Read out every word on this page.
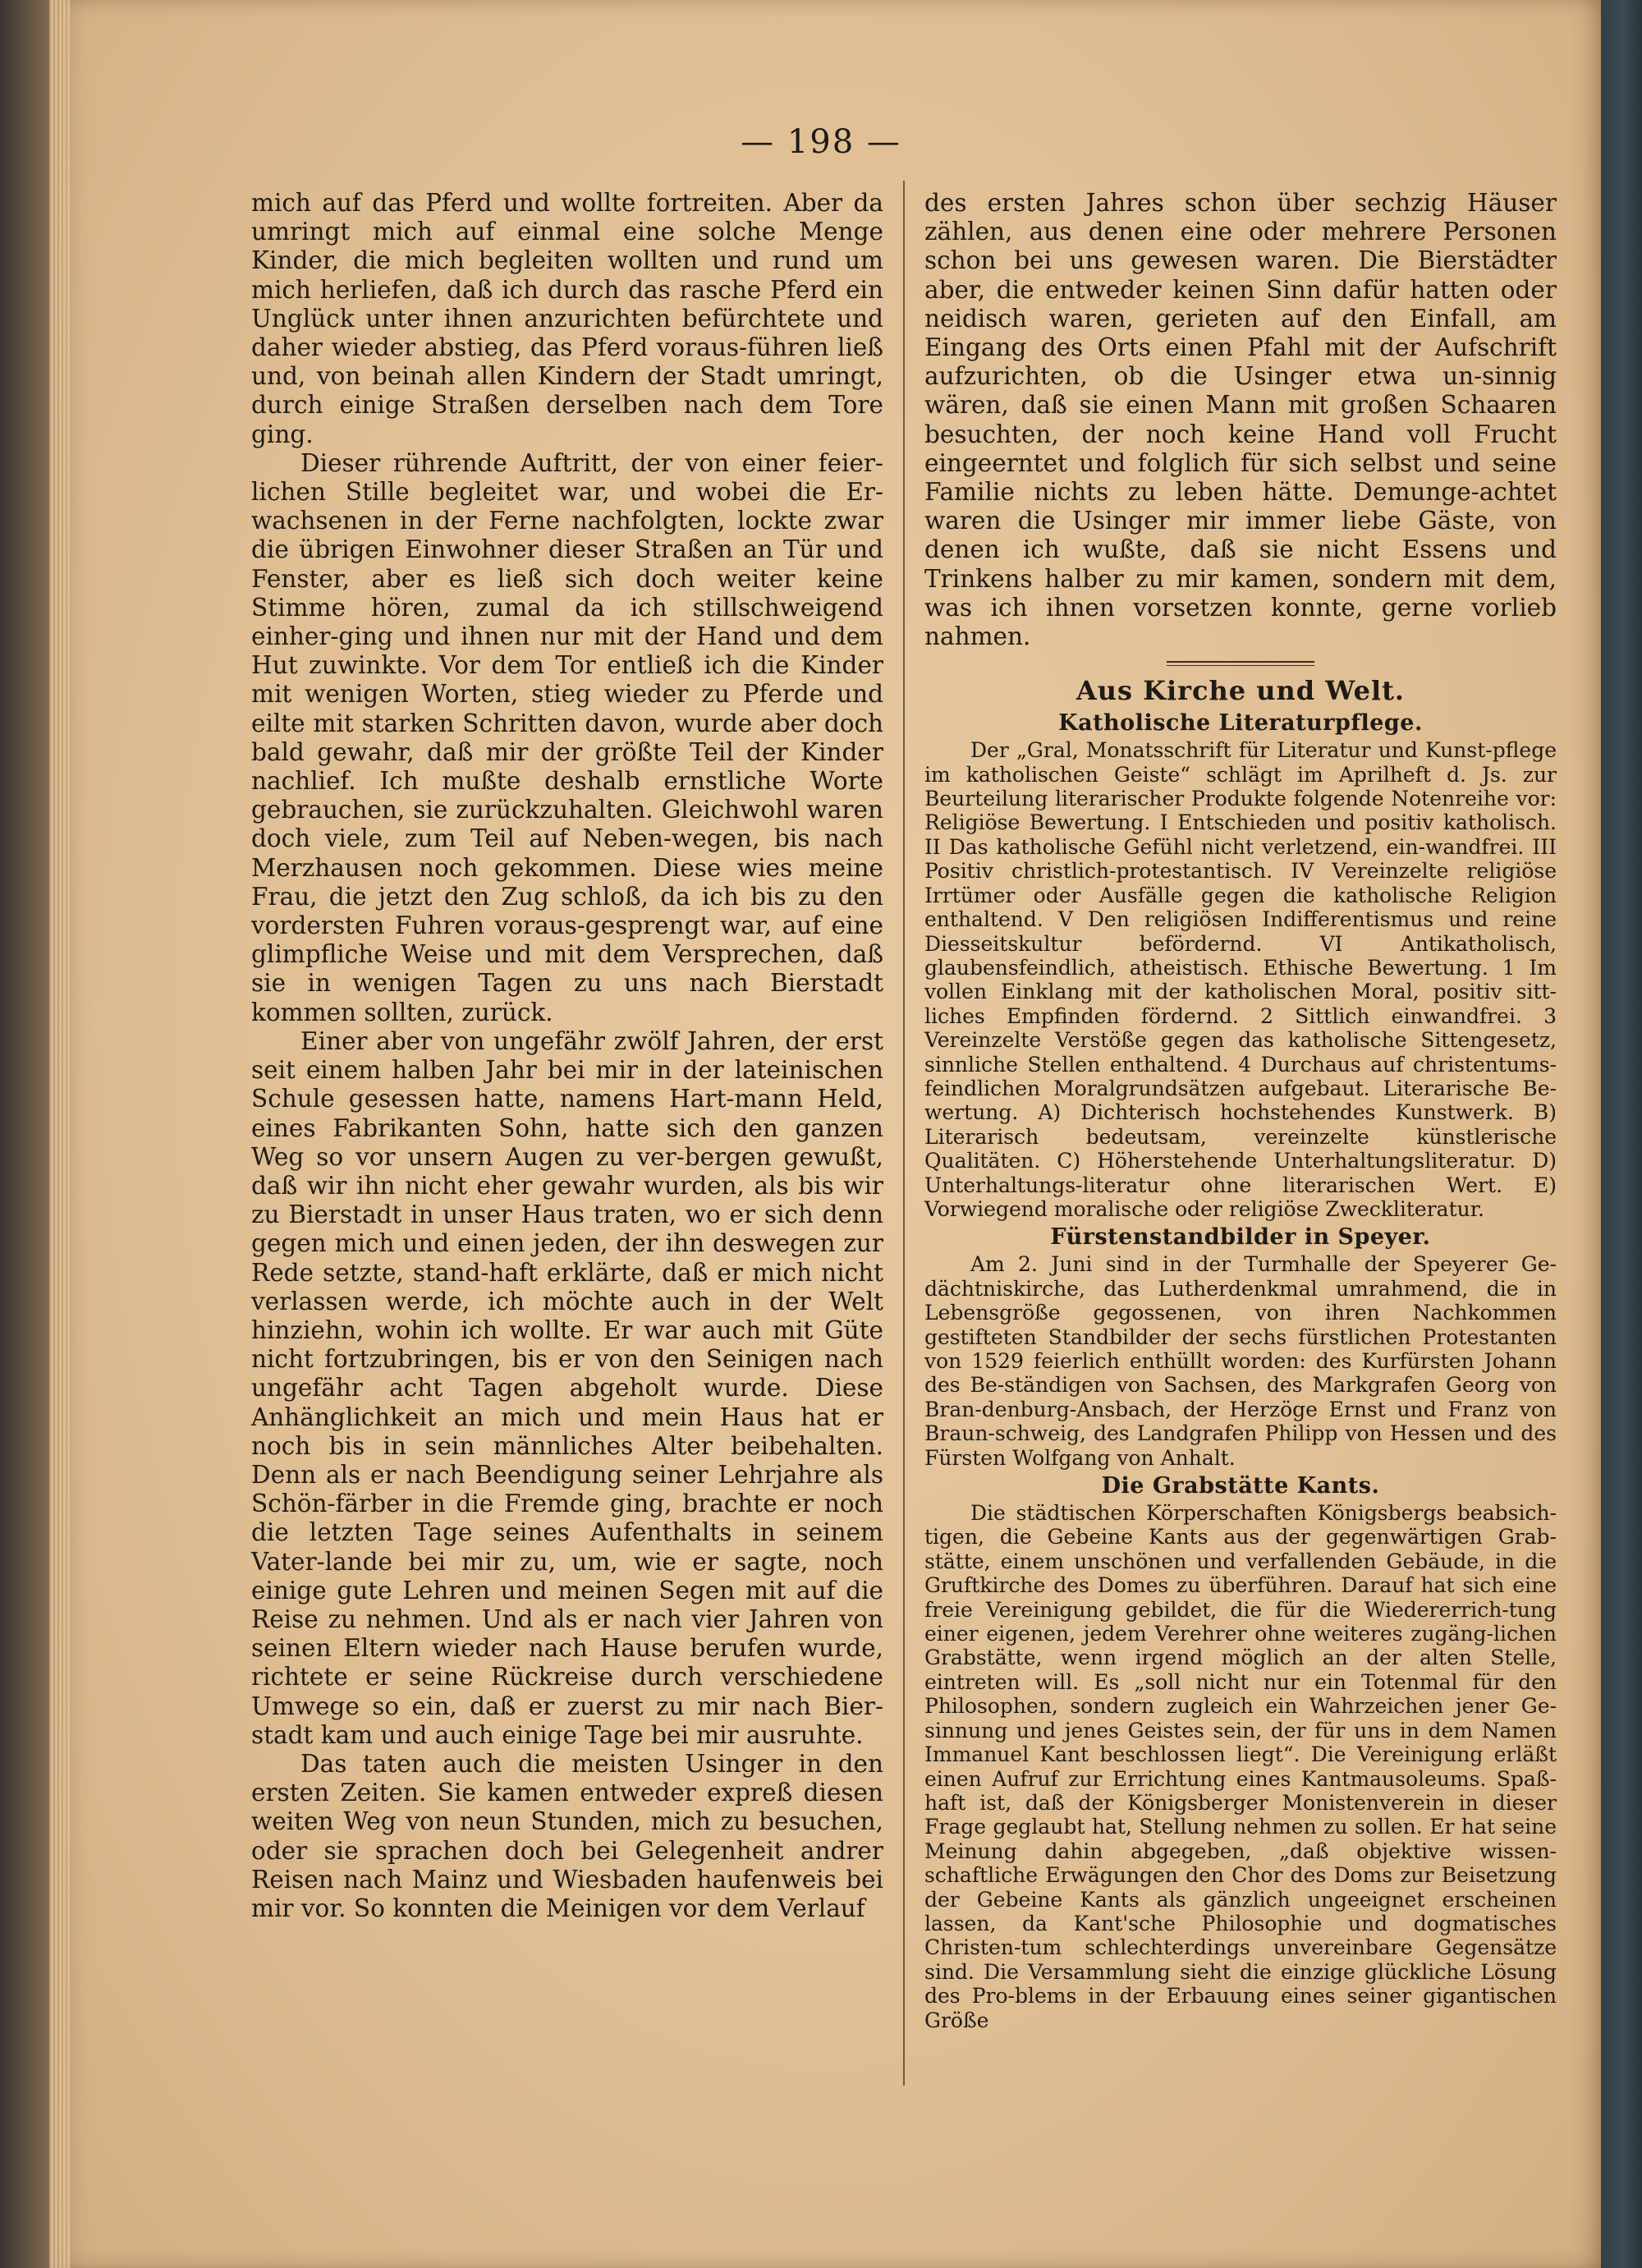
— 198 —

mich auf das Pferd und wollte fortreiten. Aber da umringt mich auf einmal eine solche Menge Kinder, die mich begleiten wollten und rund um mich herliefen, daß ich durch das rasche Pferd ein Unglück unter ihnen anzurichten befürchtete und daher wieder abstieg, das Pferd voraus-führen ließ und, von beinah allen Kindern der Stadt umringt, durch einige Straßen derselben nach dem Tore ging.

Dieser rührende Auftritt, der von einer feier-lichen Stille begleitet war, und wobei die Er-wachsenen in der Ferne nachfolgten, lockte zwar die übrigen Einwohner dieser Straßen an Tür und Fenster, aber es ließ sich doch weiter keine Stimme hören, zumal da ich stillschweigend einher-ging und ihnen nur mit der Hand und dem Hut zuwinkte. Vor dem Tor entließ ich die Kinder mit wenigen Worten, stieg wieder zu Pferde und eilte mit starken Schritten davon, wurde aber doch bald gewahr, daß mir der größte Teil der Kinder nachlief. Ich mußte deshalb ernstliche Worte gebrauchen, sie zurückzuhalten. Gleichwohl waren doch viele, zum Teil auf Neben-wegen, bis nach Merzhausen noch gekommen. Diese wies meine Frau, die jetzt den Zug schloß, da ich bis zu den vordersten Fuhren voraus-gesprengt war, auf eine glimpfliche Weise und mit dem Versprechen, daß sie in wenigen Tagen zu uns nach Bierstadt kommen sollten, zurück.

Einer aber von ungefähr zwölf Jahren, der erst seit einem halben Jahr bei mir in der lateinischen Schule gesessen hatte, namens Hart-mann Held, eines Fabrikanten Sohn, hatte sich den ganzen Weg so vor unsern Augen zu ver-bergen gewußt, daß wir ihn nicht eher gewahr wurden, als bis wir zu Bierstadt in unser Haus traten, wo er sich denn gegen mich und einen jeden, der ihn deswegen zur Rede setzte, stand-haft erklärte, daß er mich nicht verlassen werde, ich möchte auch in der Welt hinziehn, wohin ich wollte. Er war auch mit Güte nicht fortzubringen, bis er von den Seinigen nach ungefähr acht Tagen abgeholt wurde. Diese Anhänglichkeit an mich und mein Haus hat er noch bis in sein männliches Alter beibehalten. Denn als er nach Beendigung seiner Lehrjahre als Schön-färber in die Fremde ging, brachte er noch die letzten Tage seines Aufenthalts in seinem Vater-lande bei mir zu, um, wie er sagte, noch einige gute Lehren und meinen Segen mit auf die Reise zu nehmen. Und als er nach vier Jahren von seinen Eltern wieder nach Hause berufen wurde, richtete er seine Rückreise durch verschiedene Umwege so ein, daß er zuerst zu mir nach Bier-stadt kam und auch einige Tage bei mir ausruhte.

Das taten auch die meisten Usinger in den ersten Zeiten. Sie kamen entweder expreß diesen weiten Weg von neun Stunden, mich zu besuchen, oder sie sprachen doch bei Gelegenheit andrer Reisen nach Mainz und Wiesbaden haufenweis bei mir vor. So konnten die Meinigen vor dem Verlauf

des ersten Jahres schon über sechzig Häuser zählen, aus denen eine oder mehrere Personen schon bei uns gewesen waren. Die Bierstädter aber, die entweder keinen Sinn dafür hatten oder neidisch waren, gerieten auf den Einfall, am Eingang des Orts einen Pfahl mit der Aufschrift aufzurichten, ob die Usinger etwa un-sinnig wären, daß sie einen Mann mit großen Schaaren besuchten, der noch keine Hand voll Frucht eingeerntet und folglich für sich selbst und seine Familie nichts zu leben hätte. Demunge-achtet waren die Usinger mir immer liebe Gäste, von denen ich wußte, daß sie nicht Essens und Trinkens halber zu mir kamen, sondern mit dem, was ich ihnen vorsetzen konnte, gerne vorlieb nahmen.

Aus Kirche und Welt.
Katholische Literaturpflege.

Der „Gral, Monatsschrift für Literatur und Kunst-pflege im katholischen Geiste“ schlägt im Aprilheft d. Js. zur Beurteilung literarischer Produkte folgende Notenreihe vor: Religiöse Bewertung. I Entschieden und positiv katholisch. II Das katholische Gefühl nicht verletzend, ein-wandfrei. III Positiv christlich-protestantisch. IV Vereinzelte religiöse Irrtümer oder Ausfälle gegen die katholische Religion enthaltend. V Den religiösen Indifferentismus und reine Diesseitskultur befördernd. VI Antikatholisch, glaubensfeindlich, atheistisch. Ethische Bewertung. 1 Im vollen Einklang mit der katholischen Moral, positiv sitt-liches Empfinden fördernd. 2 Sittlich einwandfrei. 3 Vereinzelte Verstöße gegen das katholische Sittengesetz, sinnliche Stellen enthaltend. 4 Durchaus auf christentums-feindlichen Moralgrundsätzen aufgebaut. Literarische Be-wertung. A) Dichterisch hochstehendes Kunstwerk. B) Literarisch bedeutsam, vereinzelte künstlerische Qualitäten. C) Höherstehende Unterhaltungsliteratur. D) Unterhaltungs-literatur ohne literarischen Wert. E) Vorwiegend moralische oder religiöse Zweckliteratur.

Fürstenstandbilder in Speyer.

Am 2. Juni sind in der Turmhalle der Speyerer Ge-dächtniskirche, das Lutherdenkmal umrahmend, die in Lebensgröße gegossenen, von ihren Nachkommen gestifteten Standbilder der sechs fürstlichen Protestanten von 1529 feierlich enthüllt worden: des Kurfürsten Johann des Be-ständigen von Sachsen, des Markgrafen Georg von Bran-denburg-Ansbach, der Herzöge Ernst und Franz von Braun-schweig, des Landgrafen Philipp von Hessen und des Fürsten Wolfgang von Anhalt.

Die Grabstätte Kants.

Die städtischen Körperschaften Königsbergs beabsich-tigen, die Gebeine Kants aus der gegenwärtigen Grab-stätte, einem unschönen und verfallenden Gebäude, in die Gruftkirche des Domes zu überführen. Darauf hat sich eine freie Vereinigung gebildet, die für die Wiedererrich-tung einer eigenen, jedem Verehrer ohne weiteres zugäng-lichen Grabstätte, wenn irgend möglich an der alten Stelle, eintreten will. Es „soll nicht nur ein Totenmal für den Philosophen, sondern zugleich ein Wahrzeichen jener Ge-sinnung und jenes Geistes sein, der für uns in dem Namen Immanuel Kant beschlossen liegt“. Die Vereinigung erläßt einen Aufruf zur Errichtung eines Kantmausoleums. Spaß-haft ist, daß der Königsberger Monistenverein in dieser Frage geglaubt hat, Stellung nehmen zu sollen. Er hat seine Meinung dahin abgegeben, „daß objektive wissen-schaftliche Erwägungen den Chor des Doms zur Beisetzung der Gebeine Kants als gänzlich ungeeignet erscheinen lassen, da Kant'sche Philosophie und dogmatisches Christen-tum schlechterdings unvereinbare Gegensätze sind. Die Versammlung sieht die einzige glückliche Lösung des Pro-blems in der Erbauung eines seiner gigantischen Größe
